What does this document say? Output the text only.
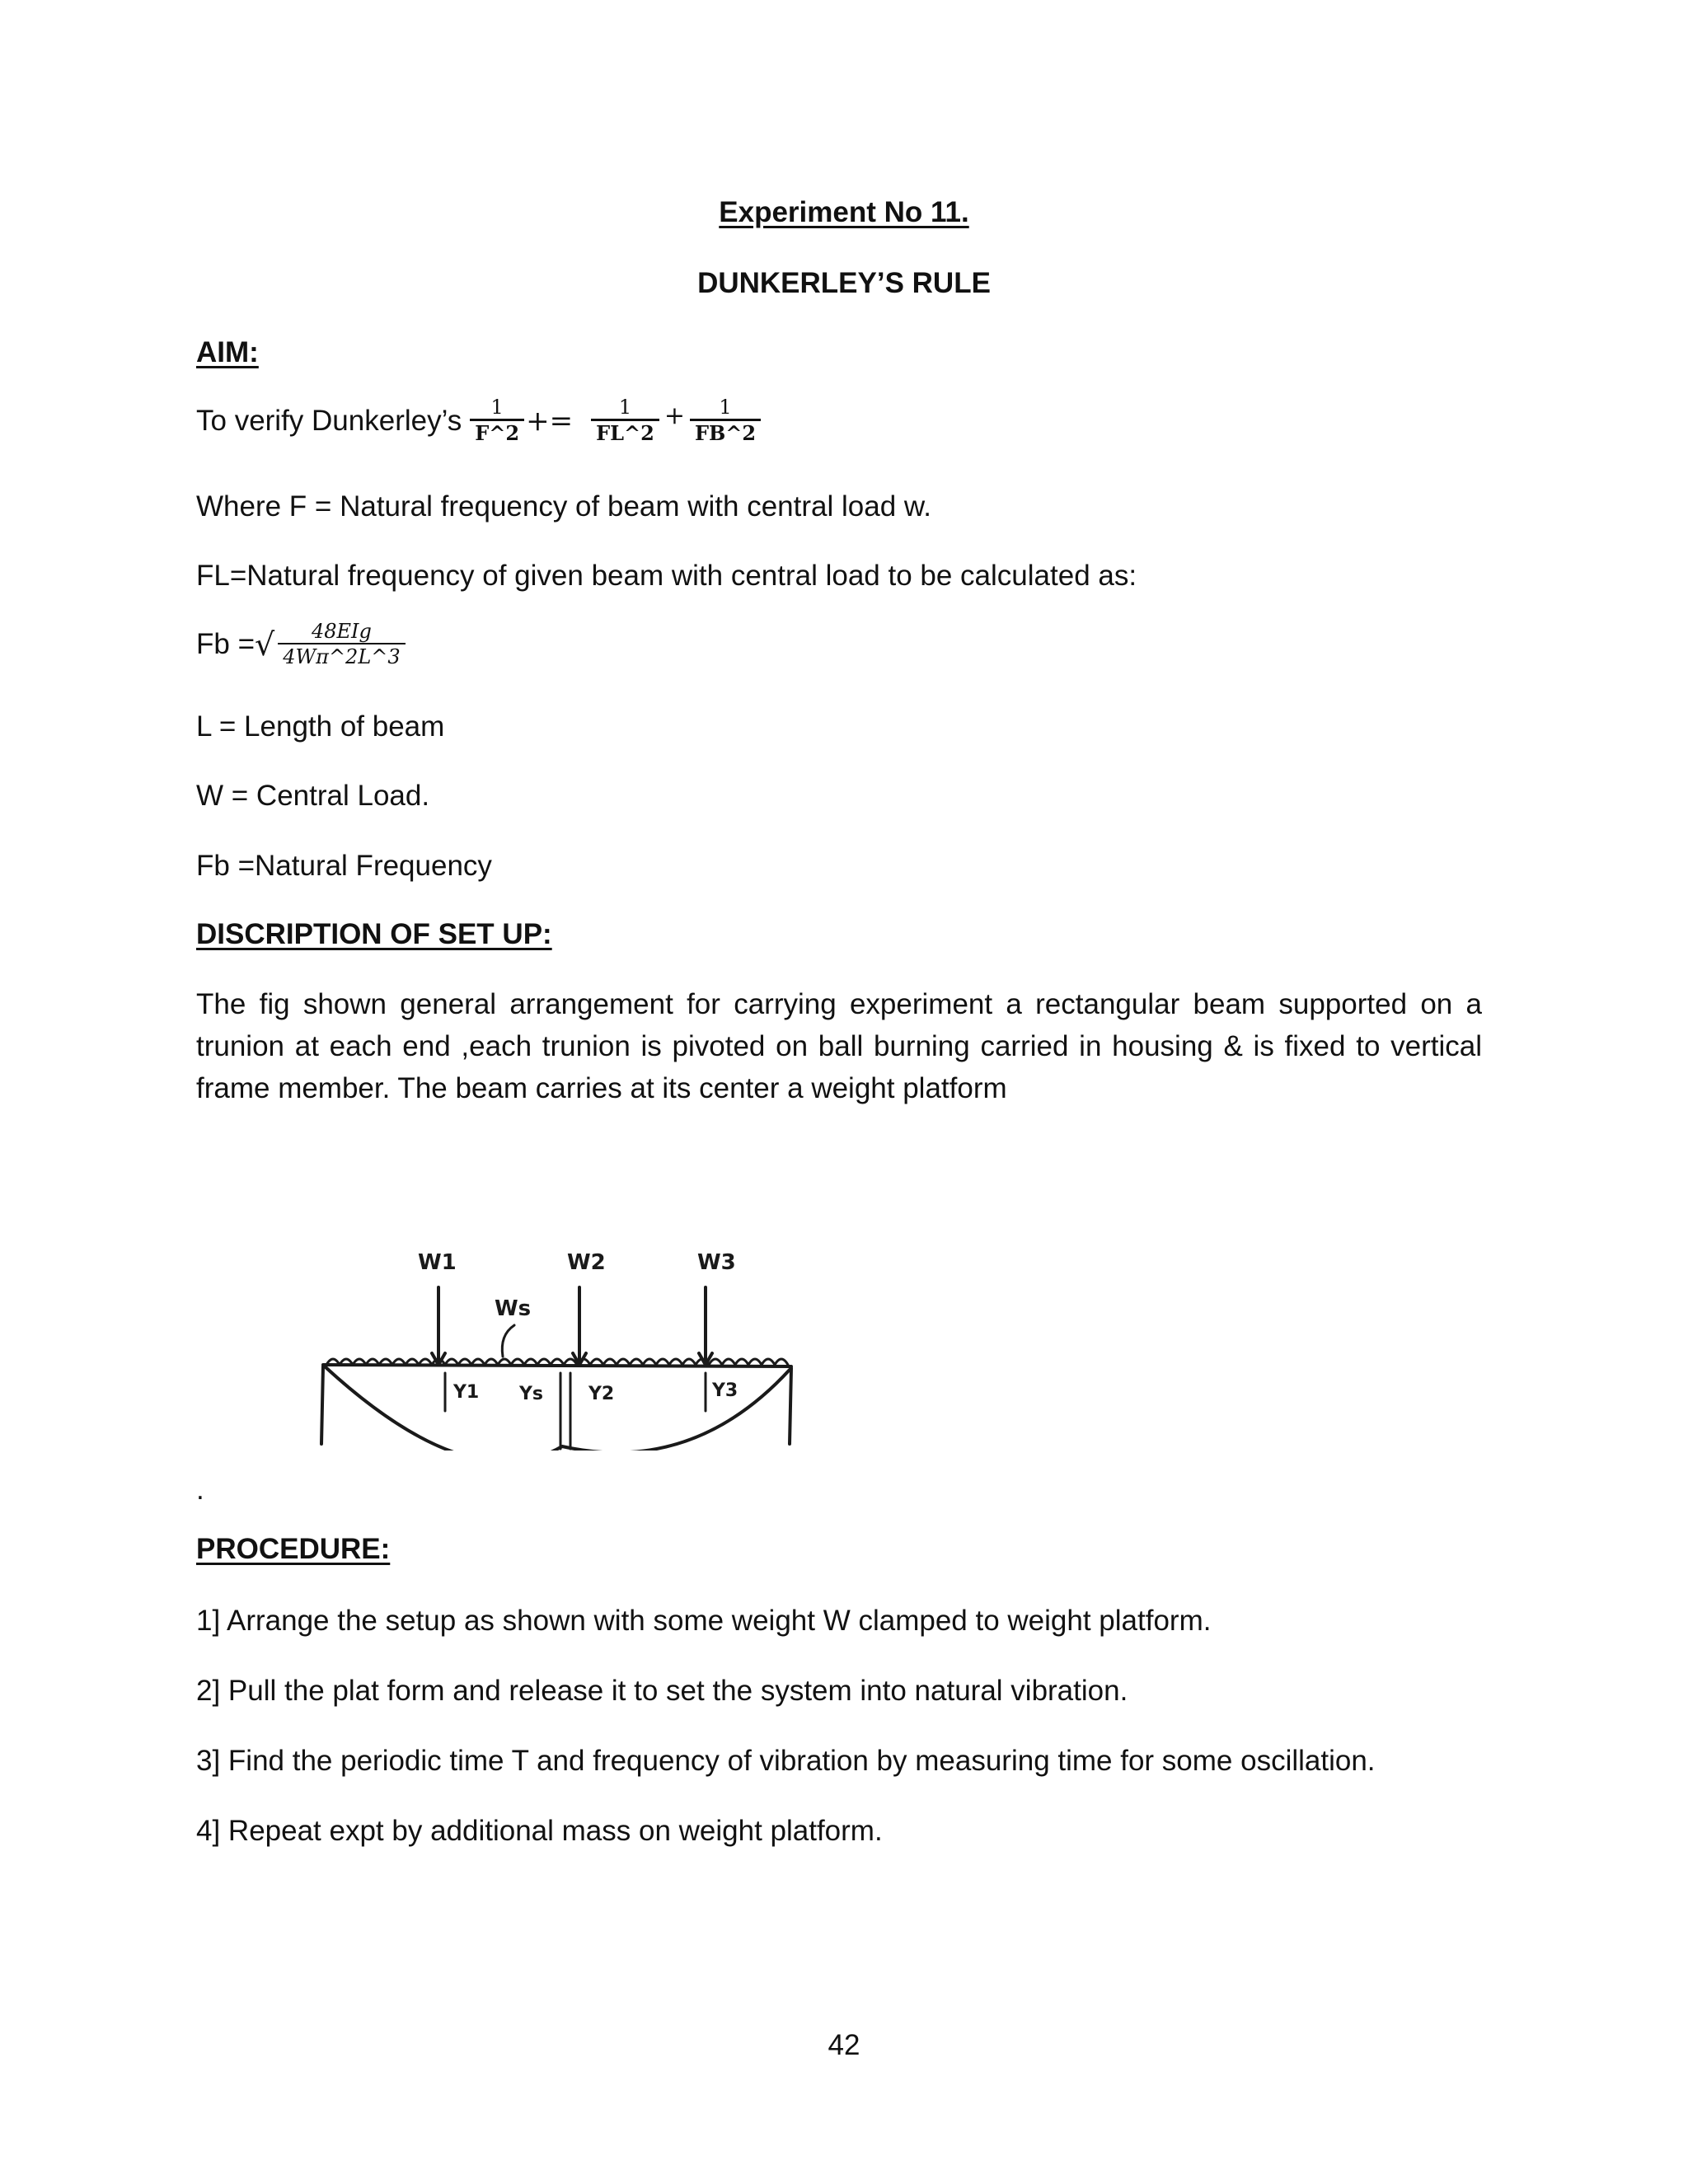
Experiment No 11.
DUNKERLEY’S RULE
AIM:
To verify Dunkerley’s $\frac{1}{F\^{}2} += \frac{1}{FL\^{}2} + \frac{1}{FB\^{}2}$
Where F = Natural frequency of beam with central load w.
FL=Natural frequency of given beam with central load to be calculated as:
Fb = √ $\frac{\text{48EIg}}{4W\pi\^{}2L\^{}3}$
L = Length of beam
W = Central Load.
Fb =Natural Frequency
DISCRIPTION OF SET UP:
The fig shown general arrangement for carrying experiment a rectangular beam supported on a trunion at each end ,each trunion is pivoted on ball burning carried in housing & is fixed to vertical frame member. The beam carries at its center a weight platform
W1	W2	W3
Ws
Y1 Ys Y2	Y3
.
PROCEDURE:
1] Arrange the setup as shown with some weight W clamped to weight platform.
2] Pull the plat form and release it to set the system into natural vibration.
3] Find the periodic time T and frequency of vibration by measuring time for some oscillation.
4] Repeat expt by additional mass on weight platform.
42
